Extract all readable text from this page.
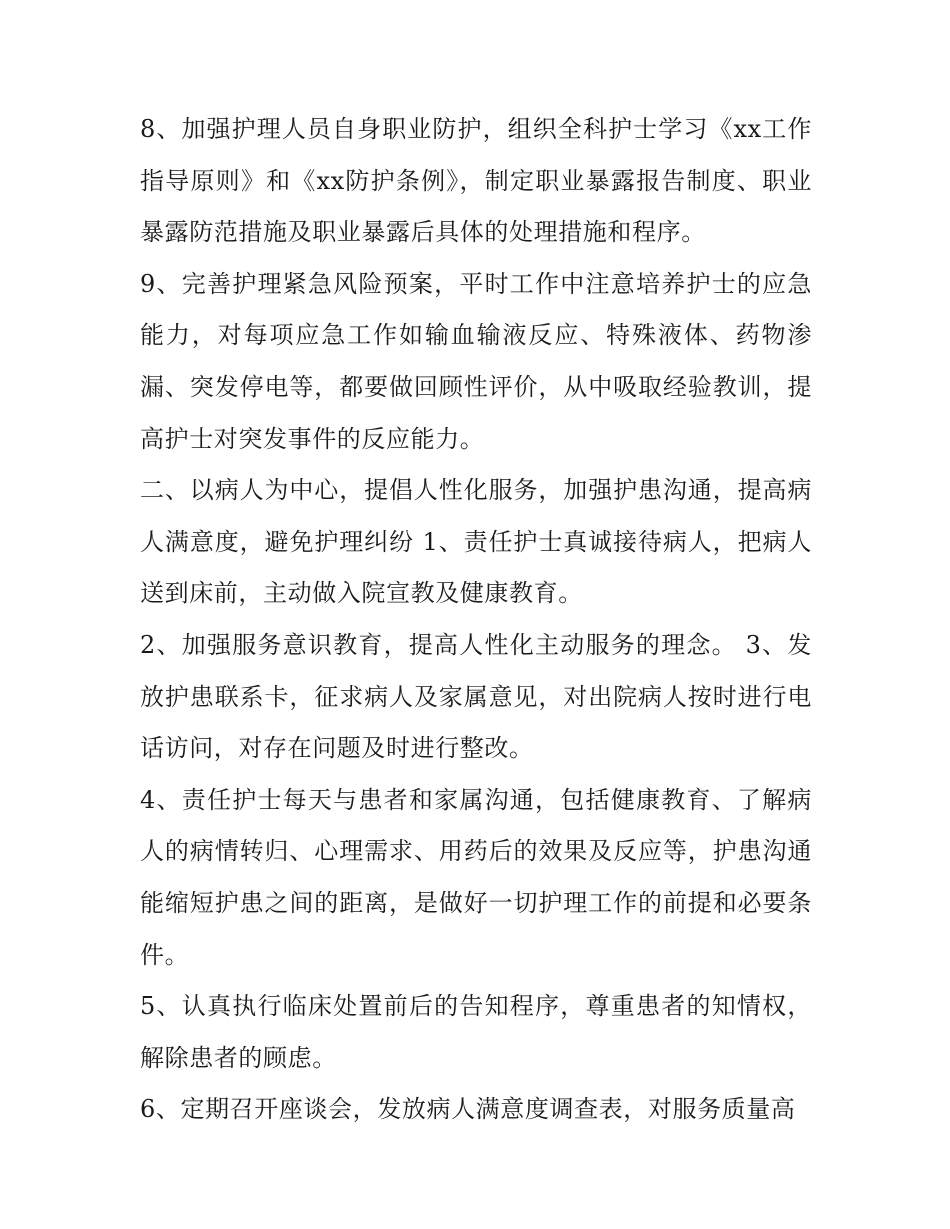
8、加强护理人员自身职业防护，组织全科护士学习《xx工作指导原则》和《xx防护条例》，制定职业暴露报告制度、职业暴露防范措施及职业暴露后具体的处理措施和程序。

9、完善护理紧急风险预案，平时工作中注意培养护士的应急能力，对每项应急工作如输血输液反应、特殊液体、药物渗漏、突发停电等，都要做回顾性评价，从中吸取经验教训，提高护士对突发事件的反应能力。

二、以病人为中心，提倡人性化服务，加强护患沟通，提高病人满意度，避免护理纠纷 1、责任护士真诚接待病人，把病人送到床前，主动做入院宣教及健康教育。

2、加强服务意识教育，提高人性化主动服务的理念。 3、发放护患联系卡，征求病人及家属意见，对出院病人按时进行电话访问，对存在问题及时进行整改。

4、责任护士每天与患者和家属沟通，包括健康教育、了解病人的病情转归、心理需求、用药后的效果及反应等，护患沟通能缩短护患之间的距离，是做好一切护理工作的前提和必要条件。

5、认真执行临床处置前后的告知程序，尊重患者的知情权，解除患者的顾虑。

6、定期召开座谈会，发放病人满意度调查表，对服务质量高
